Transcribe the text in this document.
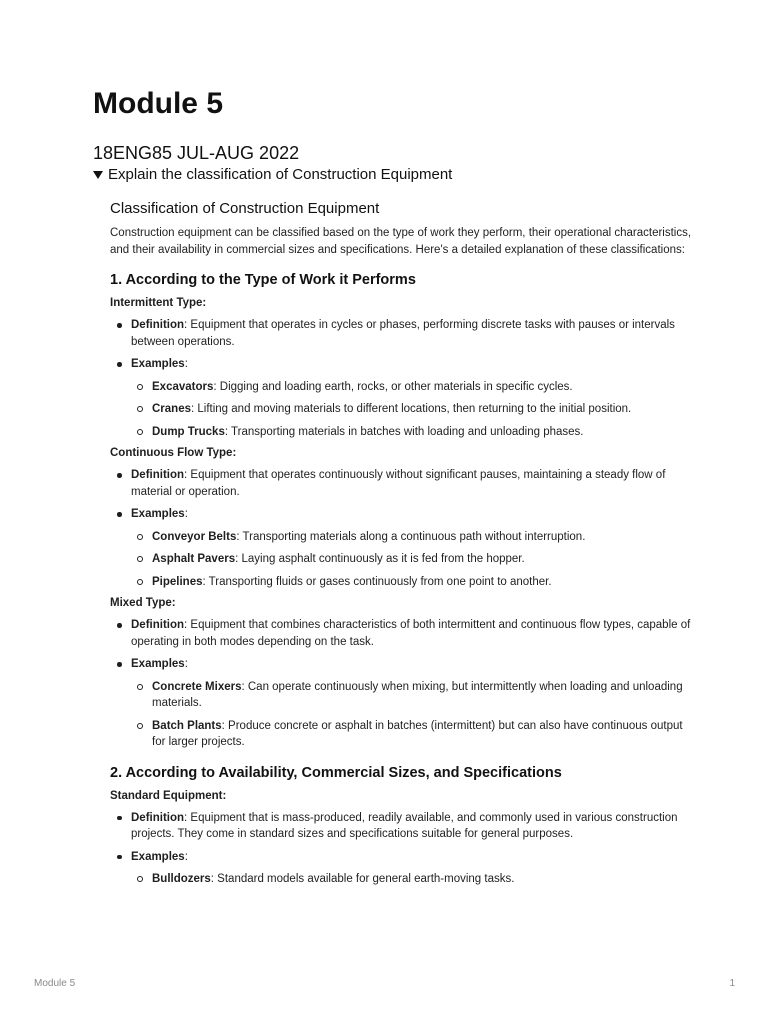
Module 5
18ENG85 JUL-AUG 2022
Explain the classification of Construction Equipment
Classification of Construction Equipment

Construction equipment can be classified based on the type of work they perform, their operational characteristics, and their availability in commercial sizes and specifications. Here's a detailed explanation of these classifications:

1. According to the Type of Work it Performs
Intermittent Type:
Definition: Equipment that operates in cycles or phases, performing discrete tasks with pauses or intervals between operations.
Examples:
Excavators: Digging and loading earth, rocks, or other materials in specific cycles.
Cranes: Lifting and moving materials to different locations, then returning to the initial position.
Dump Trucks: Transporting materials in batches with loading and unloading phases.
Continuous Flow Type:
Definition: Equipment that operates continuously without significant pauses, maintaining a steady flow of material or operation.
Examples:
Conveyor Belts: Transporting materials along a continuous path without interruption.
Asphalt Pavers: Laying asphalt continuously as it is fed from the hopper.
Pipelines: Transporting fluids or gases continuously from one point to another.
Mixed Type:
Definition: Equipment that combines characteristics of both intermittent and continuous flow types, capable of operating in both modes depending on the task.
Examples:
Concrete Mixers: Can operate continuously when mixing, but intermittently when loading and unloading materials.
Batch Plants: Produce concrete or asphalt in batches (intermittent) but can also have continuous output for larger projects.
2. According to Availability, Commercial Sizes, and Specifications
Standard Equipment:
Definition: Equipment that is mass-produced, readily available, and commonly used in various construction projects. They come in standard sizes and specifications suitable for general purposes.
Examples:
Bulldozers: Standard models available for general earth-moving tasks.
Module 5	1
